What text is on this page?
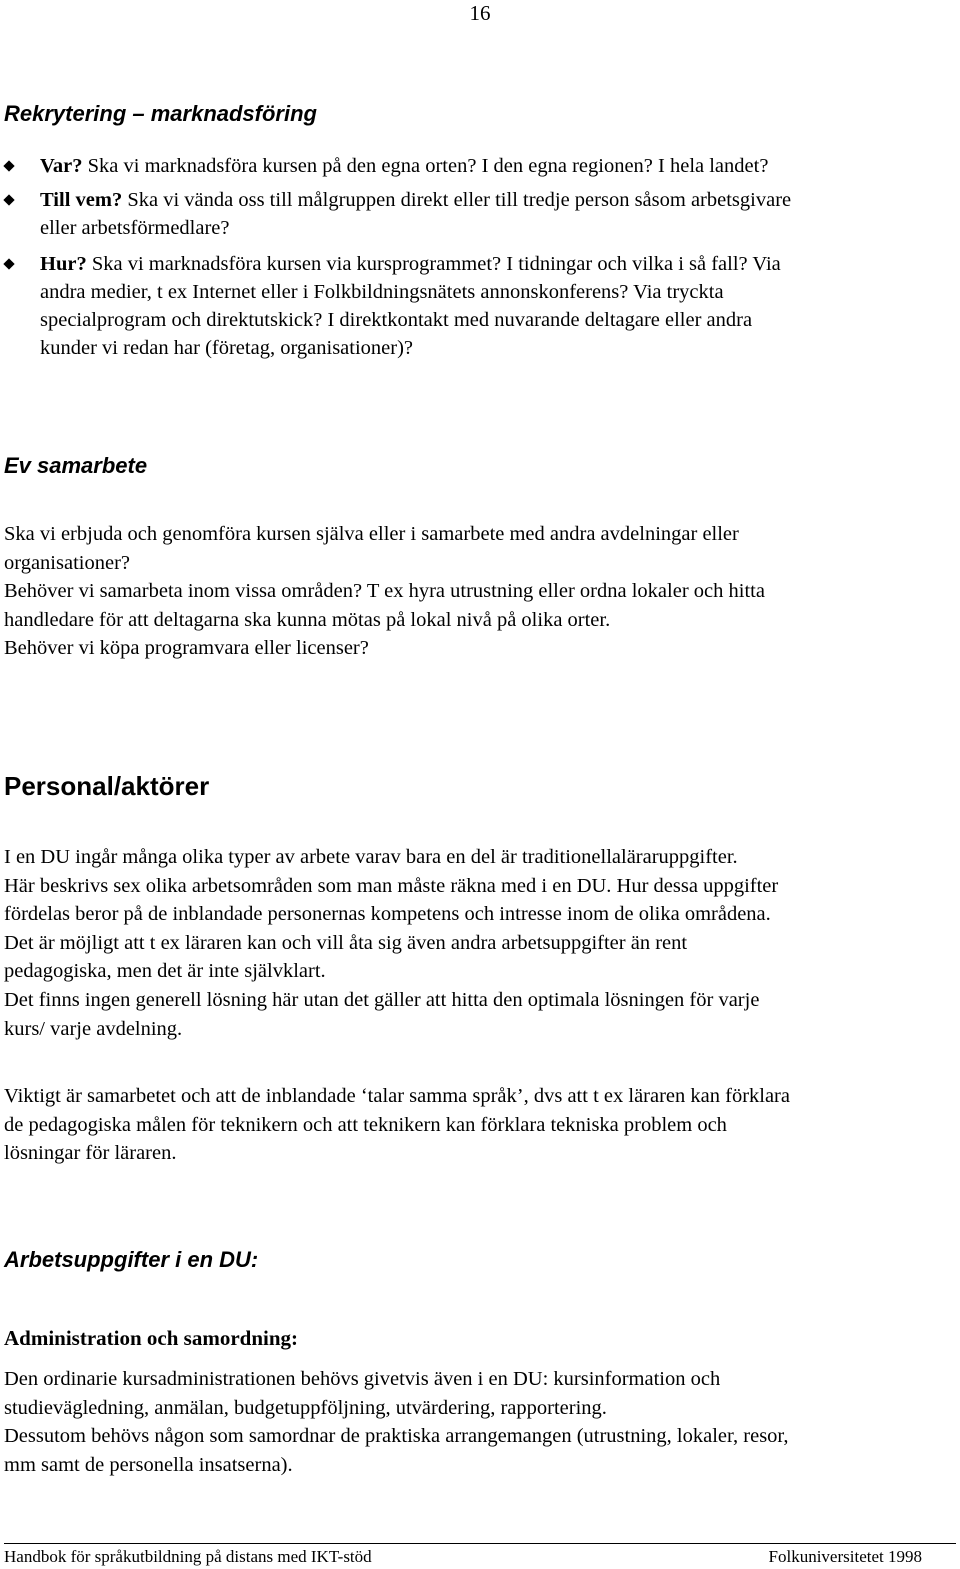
16
Rekrytering – marknadsföring
Var? Ska vi marknadsföra kursen på den egna orten? I den egna regionen? I hela landet?
Till vem? Ska vi vända oss till målgruppen direkt eller till tredje person såsom arbetsgivare
eller arbetsförmedlare?
Hur? Ska vi marknadsföra kursen via kursprogrammet? I tidningar och vilka i så fall? Via
andra medier, t ex Internet eller i Folkbildningsnätets annonskonferens? Via tryckta
specialprogram och direktutskick? I direktkontakt med nuvarande deltagare eller andra
kunder vi redan har (företag, organisationer)?
Ev samarbete
Ska vi erbjuda och genomföra kursen själva eller i samarbete med andra avdelningar eller
organisationer?
Behöver vi samarbeta inom vissa områden? T ex hyra utrustning eller ordna lokaler och hitta
handledare för att deltagarna ska kunna mötas på lokal nivå på olika orter.
Behöver vi köpa programvara eller licenser?
Personal/aktörer
I en DU ingår många olika typer av arbete varav bara en del är traditionellaläraruppgifter.
Här beskrivs sex olika arbetsområden som man måste räkna med i en DU. Hur dessa uppgifter
fördelas beror på de inblandade personernas kompetens och intresse inom de olika områdena.
Det är möjligt att t ex läraren kan och vill åta sig även andra arbetsuppgifter än rent
pedagogiska, men det är inte självklart.
Det finns ingen generell lösning här utan det gäller att hitta den optimala lösningen för varje
kurs/ varje avdelning.
Viktigt är samarbetet och att de inblandade ‘talar samma språk’, dvs att t ex läraren kan förklara
de pedagogiska målen för teknikern och att teknikern kan förklara tekniska problem och
lösningar för läraren.
Arbetsuppgifter i en DU:
Administration och samordning:
Den ordinarie kursadministrationen behövs givetvis även i en DU: kursinformation och
studievägledning, anmälan, budgetuppföljning, utvärdering, rapportering.
Dessutom behövs någon som samordnar de praktiska arrangemangen (utrustning, lokaler, resor,
mm samt de personella insatserna).
Handbok för språkutbildning på distans med IKT-stöd	Folkuniversitetet 1998
